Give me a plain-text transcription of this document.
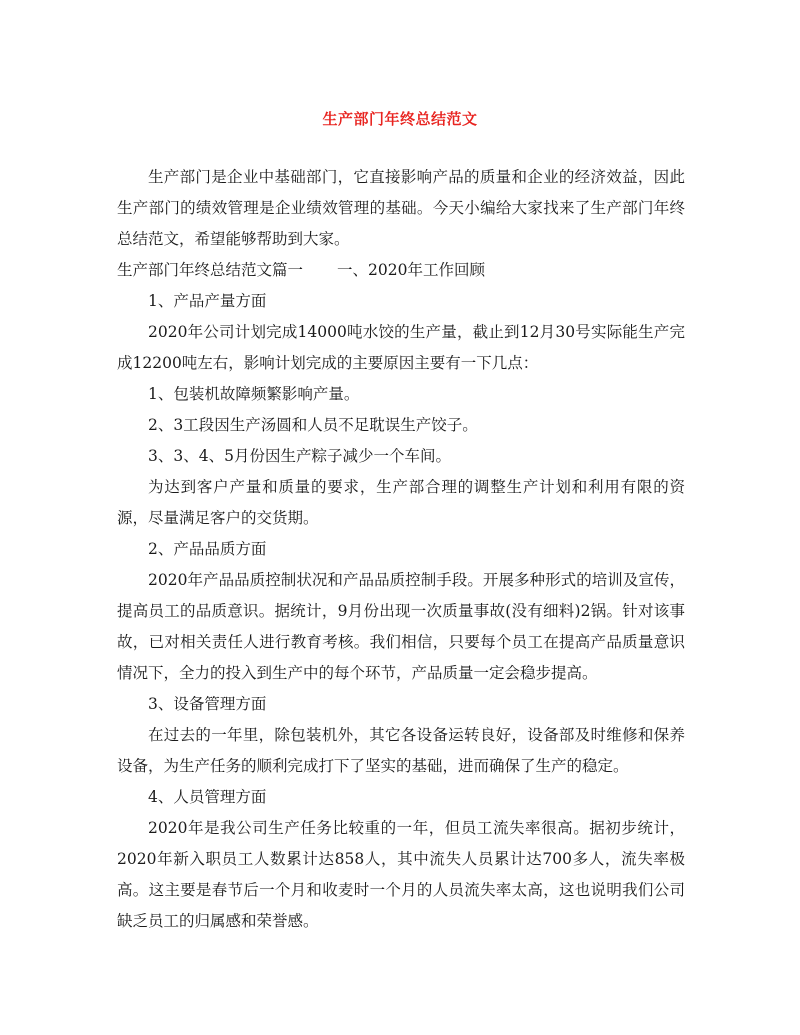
生产部门年终总结范文

生产部门是企业中基础部门，它直接影响产品的质量和企业的经济效益，因此生产部门的绩效管理是企业绩效管理的基础。今天小编给大家找来了生产部门年终总结范文，希望能够帮助到大家。

生产部门年终总结范文篇一 一、2020年工作回顾

1、产品产量方面

2020年公司计划完成14000吨水饺的生产量，截止到12月30号实际能生产完成12200吨左右，影响计划完成的主要原因主要有一下几点：

1、包装机故障频繁影响产量。

2、3工段因生产汤圆和人员不足耽误生产饺子。

3、3、4、5月份因生产粽子减少一个车间。

为达到客户产量和质量的要求，生产部合理的调整生产计划和利用有限的资源，尽量满足客户的交货期。

2、产品品质方面

2020年产品品质控制状况和产品品质控制手段。开展多种形式的培训及宣传，提高员工的品质意识。据统计，9月份出现一次质量事故(没有细料)2锅。针对该事故，已对相关责任人进行教育考核。我们相信，只要每个员工在提高产品质量意识情况下，全力的投入到生产中的每个环节，产品质量一定会稳步提高。

3、设备管理方面

在过去的一年里，除包装机外，其它各设备运转良好，设备部及时维修和保养设备，为生产任务的顺利完成打下了坚实的基础，进而确保了生产的稳定。

4、人员管理方面

2020年是我公司生产任务比较重的一年，但员工流失率很高。据初步统计，2020年新入职员工人数累计达858人，其中流失人员累计达700多人，流失率极高。这主要是春节后一个月和收麦时一个月的人员流失率太高，这也说明我们公司缺乏员工的归属感和荣誉感。
